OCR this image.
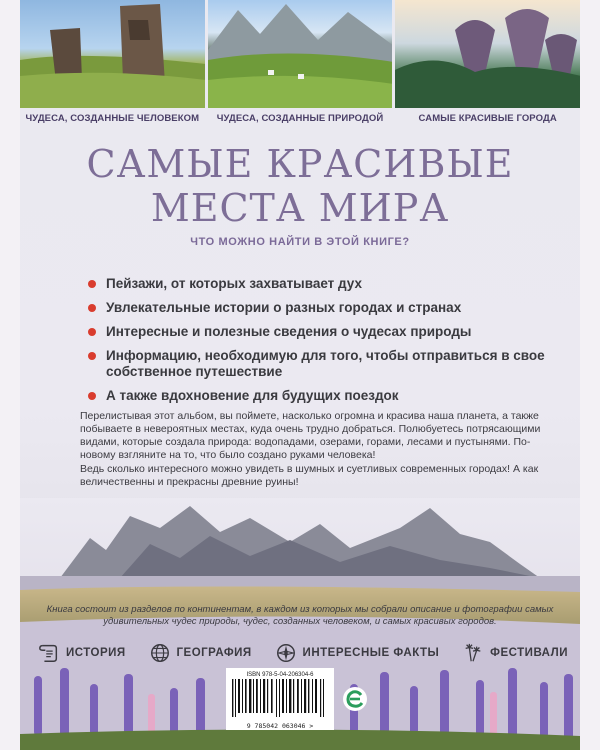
ЧУДЕСА, СОЗДАННЫЕ ЧЕЛОВЕКОМ	ЧУДЕСА, СОЗДАННЫЕ ПРИРОДОЙ	САМЫЕ КРАСИВЫЕ ГОРОДА
САМЫЕ КРАСИВЫЕ
МЕСТА МИРА
ЧТО МОЖНО НАЙТИ В ЭТОЙ КНИГЕ?
Пейзажи, от которых захватывает дух
Увлекательные истории о разных городах и странах
Интересные и полезные сведения о чудесах природы
Информацию, необходимую для того, чтобы отправиться в свое собственное путешествие
А также вдохновение для будущих поездок

Перелистывая этот альбом, вы поймете, насколько огромна и красива наша планета, а также побываете в невероятных местах, куда очень трудно добраться. Полюбуетесь потрясающими видами, которые создала природа: водопадами, озерами, горами, лесами и пустынями. По-новому взгляните на то, что было создано руками человека!

Ведь сколько интересного можно увидеть в шумных и суетливых современных городах! А как величественны и прекрасны древние руины!

Книга состоит из разделов по континентам, в каждом из которых мы собрали описание и фотографии самых удивительных чудес природы, чудес, созданных человеком, и самых красивых городов.
ИСТОРИЯ	ГЕОГРАФИЯ	ИНТЕРЕСНЫЕ ФАКТЫ	ФЕСТИВАЛИ
ISBN 978-5-04-206304-6
9 785042 063046 >
